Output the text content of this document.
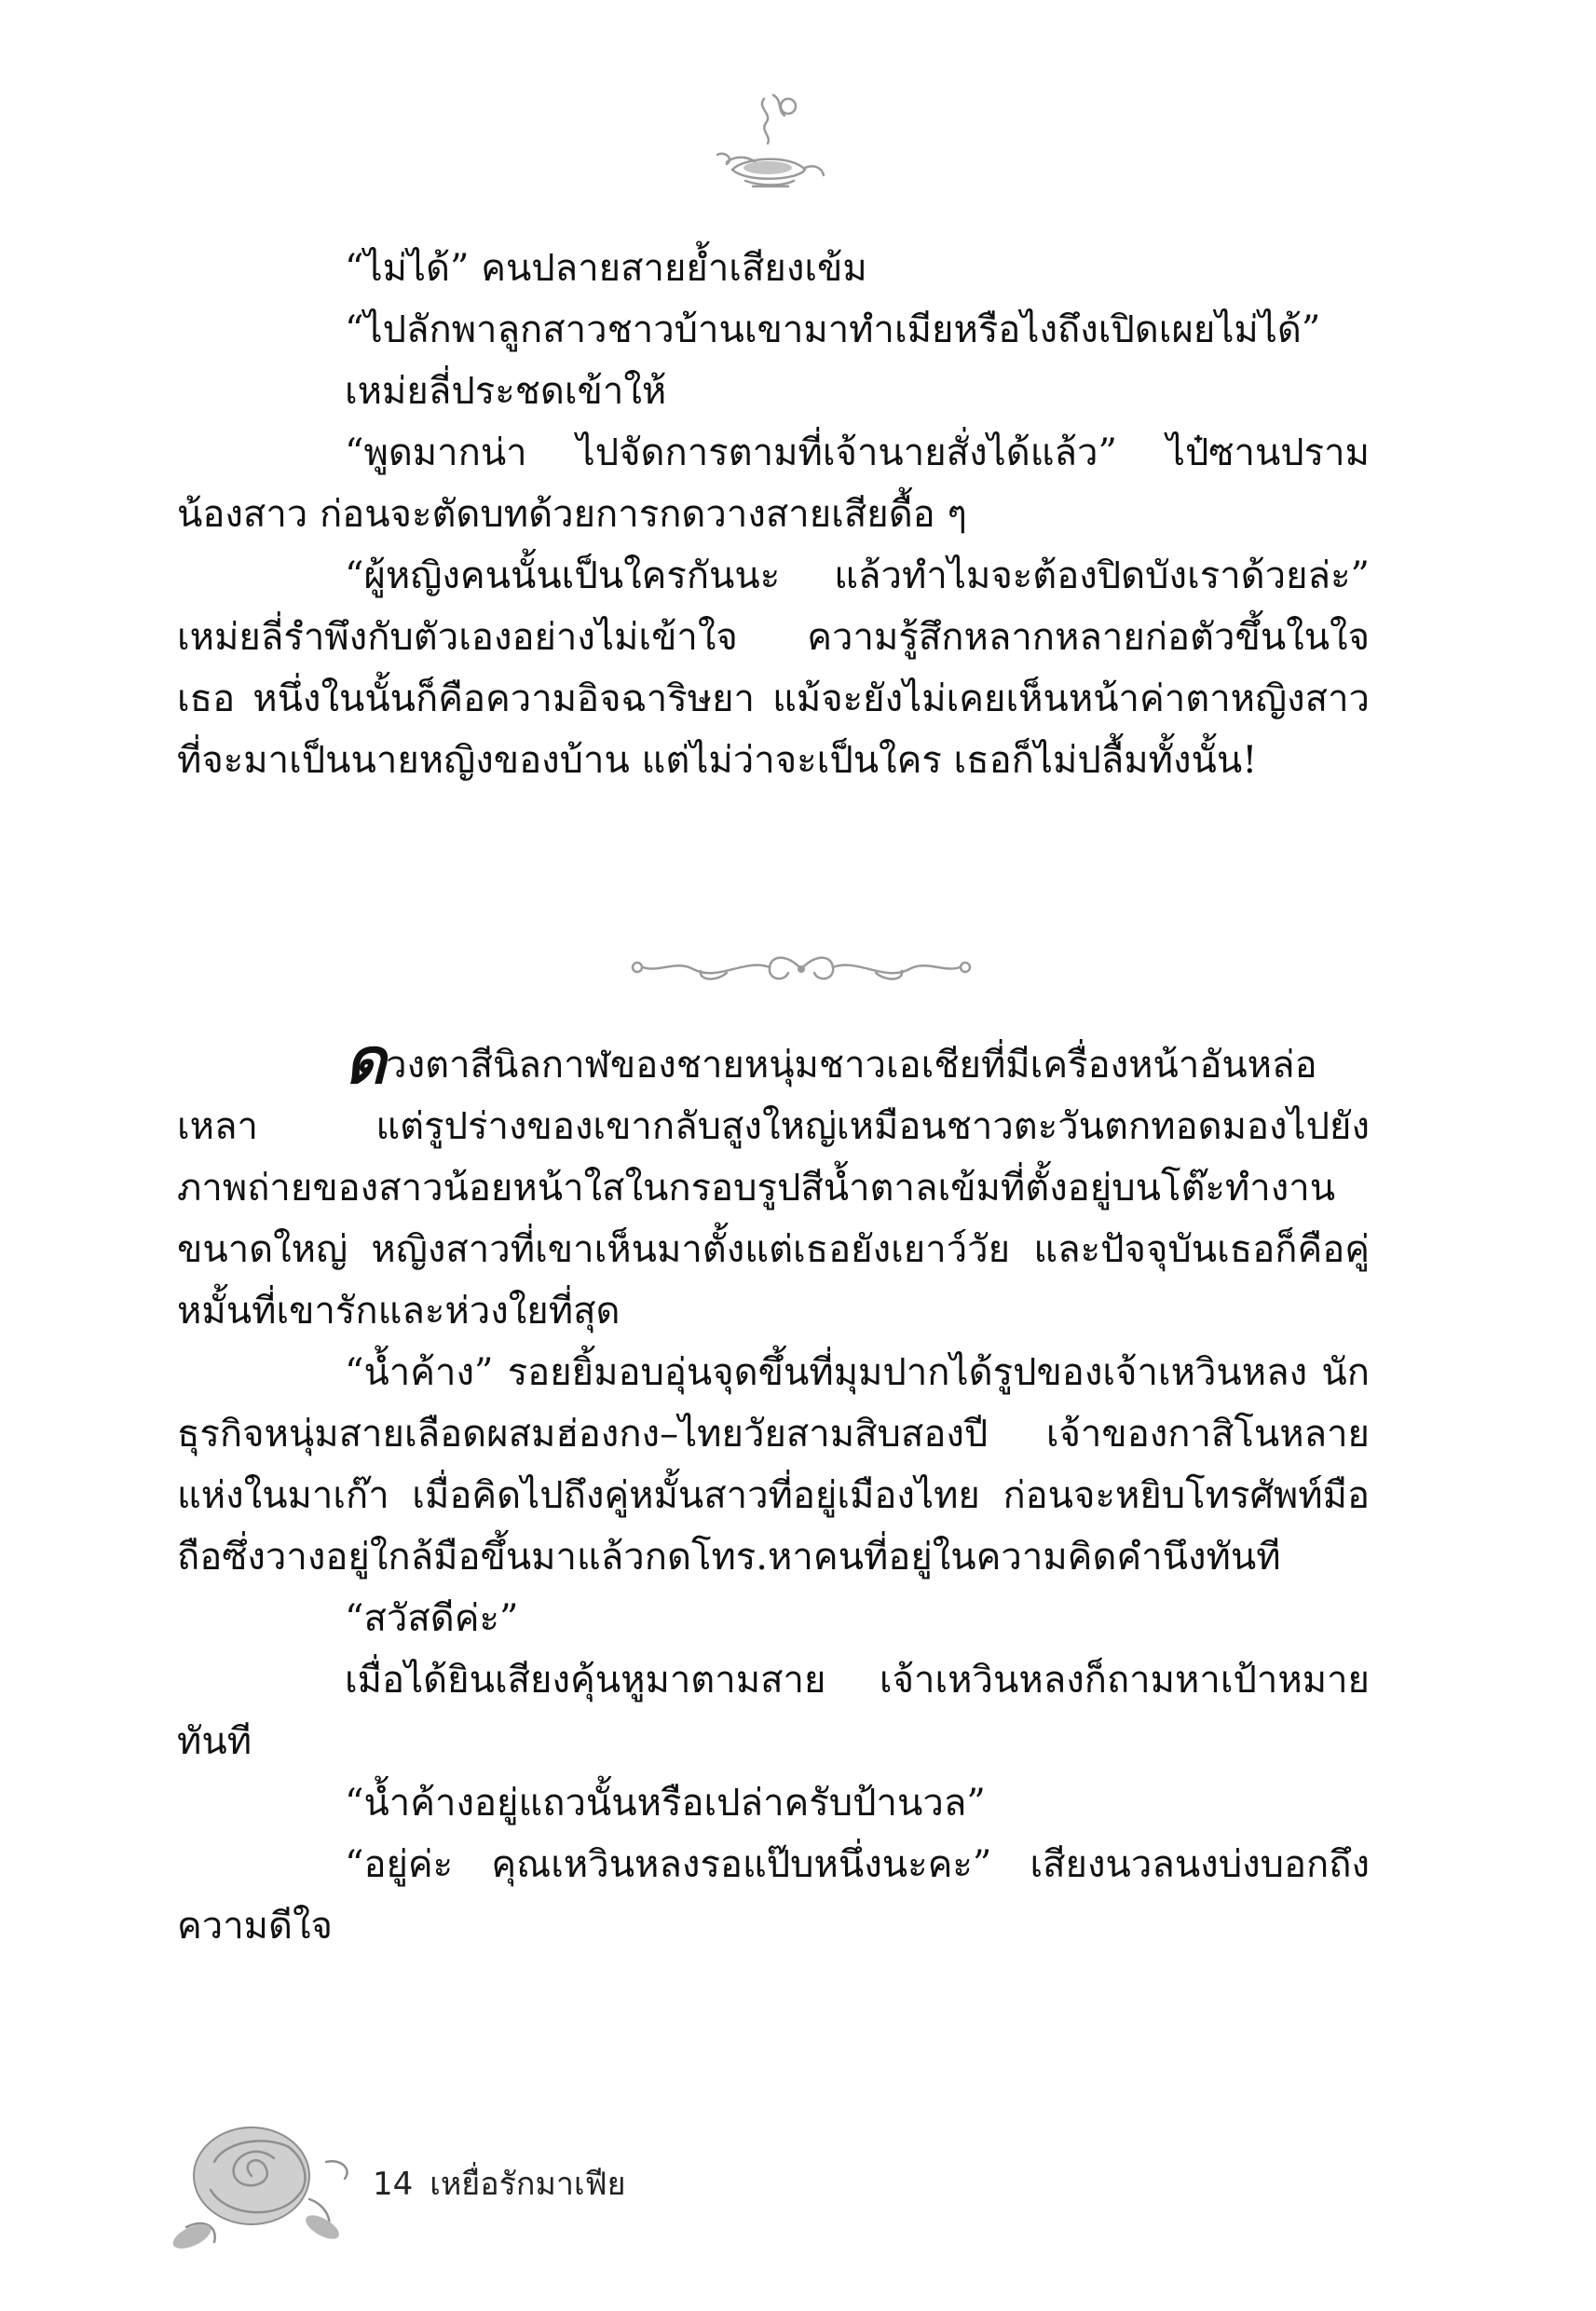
“ไม่ได้” คนปลายสายย้ำเสียงเข้ม

“ไปลักพาลูกสาวชาวบ้านเขามาทำเมียหรือไงถึงเปิดเผยไม่ได้”

เหม่ยลี่ประชดเข้าให้

“พูดมากน่า ไปจัดการตามที่เจ้านายสั่งได้แล้ว” ไป๋ซานปราม น้องสาว ก่อนจะตัดบทด้วยการกดวางสายเสียดื้อ ๆ

“ผู้หญิงคนนั้นเป็นใครกันนะ แล้วทำไมจะต้องปิดบังเราด้วยล่ะ” เหม่ยลี่รำพึงกับตัวเองอย่างไม่เข้าใจ ความรู้สึกหลากหลายก่อตัวขึ้นในใจเธอ หนึ่งในนั้นก็คือความอิจฉาริษยา แม้จะยังไม่เคยเห็นหน้าค่าตาหญิงสาวที่จะมาเป็นนายหญิงของบ้าน แต่ไม่ว่าจะเป็นใคร เธอก็ไม่ปลื้มทั้งนั้น!

ดวงตาสีนิลกาฬของชายหนุ่มชาวเอเชียที่มีเครื่องหน้าอันหล่อเหลา แต่รูปร่างของเขากลับสูงใหญ่เหมือนชาวตะวันตกทอดมองไปยังภาพถ่ายของสาวน้อยหน้าใสในกรอบรูปสีน้ำตาลเข้มที่ตั้งอยู่บนโต๊ะทำงานขนาดใหญ่ หญิงสาวที่เขาเห็นมาตั้งแต่เธอยังเยาว์วัย และปัจจุบันเธอก็คือคู่หมั้นที่เขารักและห่วงใยที่สุด

“น้ำค้าง” รอยยิ้มอบอุ่นจุดขึ้นที่มุมปากได้รูปของเจ้าเหวินหลง นักธุรกิจหนุ่มสายเลือดผสมฮ่องกง–ไทยวัยสามสิบสองปี เจ้าของกาสิโนหลายแห่งในมาเก๊า เมื่อคิดไปถึงคู่หมั้นสาวที่อยู่เมืองไทย ก่อนจะหยิบโทรศัพท์มือถือซึ่งวางอยู่ใกล้มือขึ้นมาแล้วกดโทร.หาคนที่อยู่ในความคิดคำนึงทันที

“สวัสดีค่ะ”

เมื่อได้ยินเสียงคุ้นหูมาตามสาย เจ้าเหวินหลงก็ถามหาเป้าหมายทันที

“น้ำค้างอยู่แถวนั้นหรือเปล่าครับป้านวล”

“อยู่ค่ะ คุณเหวินหลงรอแป๊บหนึ่งนะคะ” เสียงนวลนงบ่งบอกถึงความดีใจ

14 เหยื่อรักมาเฟีย
